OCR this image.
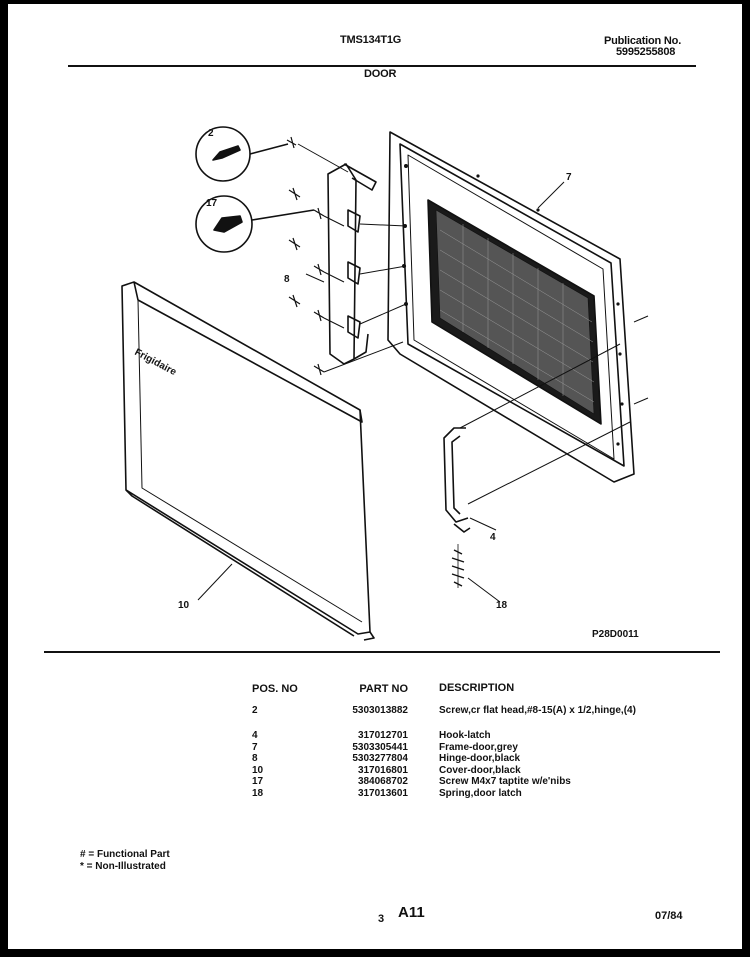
TMS134T1G	Publication No.
5995255808
DOOR
Frigidaire
2
17
7
8
4
10	18
P28D0011
POS. NO	PART NO	DESCRIPTION
2	5303013882	Screw,cr flat head,#8-15(A) x 1/2,hinge,(4)
4	317012701	Hook-latch
7	5303305441	Frame-door,grey
8	5303277804	Hinge-door,black
10	317016801	Cover-door,black
17	384068702	Screw M4x7 taptite w/e'nibs
18	317013601	Spring,door latch
# = Functional Part
* = Non-Illustrated
3 A11	07/84
